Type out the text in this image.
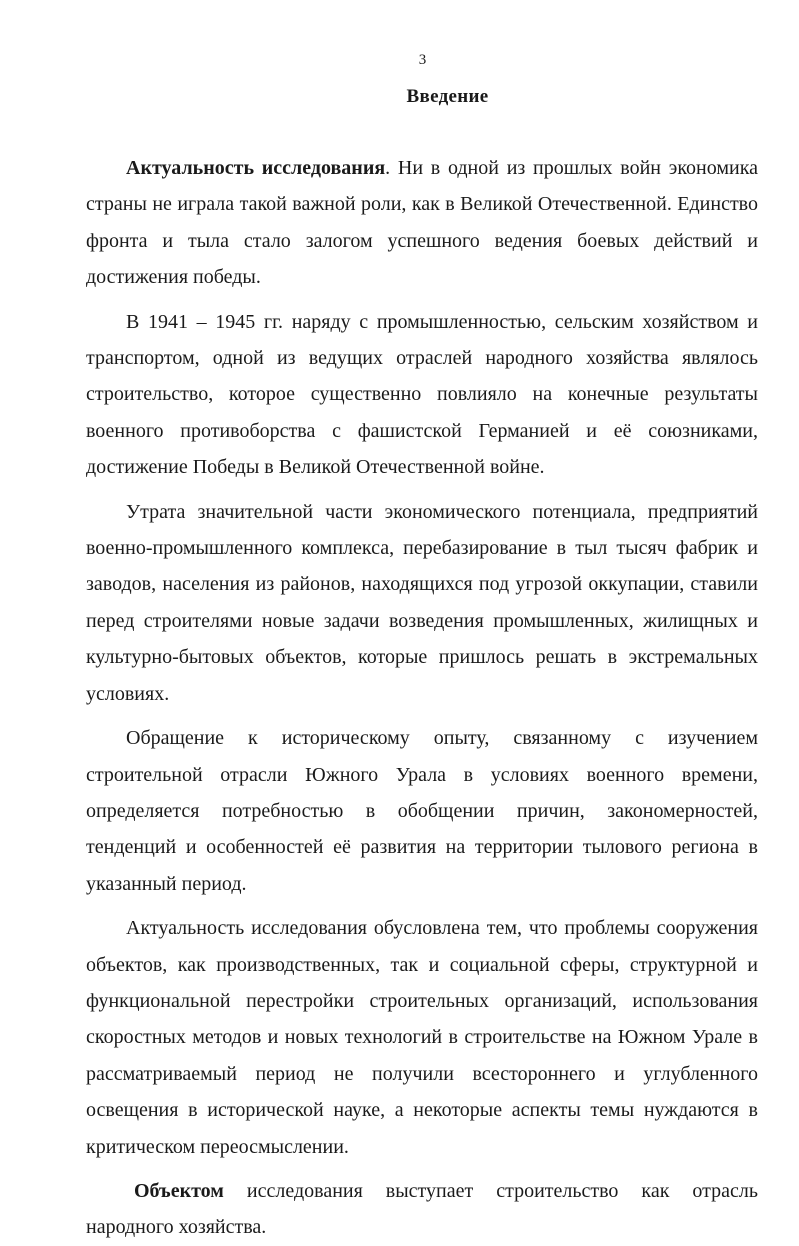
3
Введение

Актуальность исследования. Ни в одной из прошлых войн экономика страны не играла такой важной роли, как в Великой Отечественной. Единство фронта и тыла стало залогом успешного ведения боевых действий и достижения победы.

В 1941 – 1945 гг. наряду с промышленностью, сельским хозяйством и транспортом, одной из ведущих отраслей народного хозяйства являлось строительство, которое существенно повлияло на конечные результаты военного противоборства с фашистской Германией и её союзниками, достижение Победы в Великой Отечественной войне.

Утрата значительной части экономического потенциала, предприятий военно-промышленного комплекса, перебазирование в тыл тысяч фабрик и заводов, населения из районов, находящихся под угрозой оккупации, ставили перед строителями новые задачи возведения промышленных, жилищных и культурно-бытовых объектов, которые пришлось решать в экстремальных условиях.

Обращение к историческому опыту, связанному с изучением строительной отрасли Южного Урала в условиях военного времени, определяется потребностью в обобщении причин, закономерностей, тенденций и особенностей её развития на территории тылового региона в указанный период.

Актуальность исследования обусловлена тем, что проблемы сооружения объектов, как производственных, так и социальной сферы, структурной и функциональной перестройки строительных организаций, использования скоростных методов и новых технологий в строительстве на Южном Урале в рассматриваемый период не получили всестороннего и углубленного освещения в исторической науке, а некоторые аспекты темы нуждаются в критическом переосмыслении.

Объектом исследования выступает строительство как отрасль народного хозяйства.
